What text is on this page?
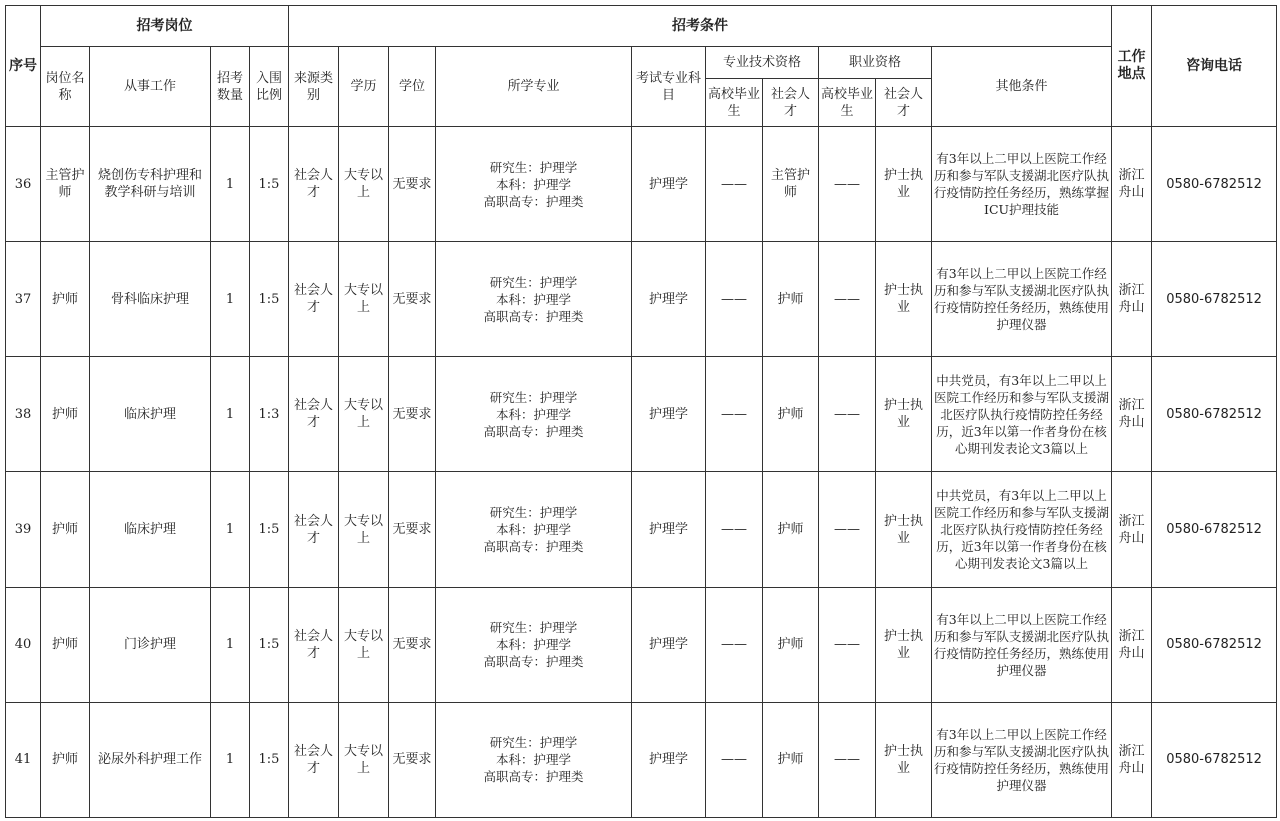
序号	招考岗位				招考条件										工作地点	咨询电话
	岗位名称	从事工作	招考数量	入围比例	来源类别	学历	学位	所学专业	考试专业科　　目	专业技术资格		职业资格		其他条件		
										高校毕业生	社会人才	高校毕业生	社会人才			
36	主管护师	烧创伤专科护理和教学科研与培训	1	1:5	社会人才	大专以上	无要求	研究生：护理学
本科：护理学
高职高专：护理类	护理学	——	主管护师	——	护士执业	有3年以上二甲以上医院工作经历和参与军队支援湖北医疗队执行疫情防控任务经历，熟练掌握ICU护理技能	浙江舟山	0580-6782512
37	护师	骨科临床护理	1	1:5	社会人才	大专以上	无要求	研究生：护理学
本科：护理学
高职高专：护理类	护理学	——	护师	——	护士执业	有3年以上二甲以上医院工作经历和参与军队支援湖北医疗队执行疫情防控任务经历，熟练使用护理仪器	浙江舟山	0580-6782512
38	护师	临床护理	1	1:3	社会人才	大专以上	无要求	研究生：护理学
本科：护理学
高职高专：护理类	护理学	——	护师	——	护士执业	中共党员，有3年以上二甲以上医院工作经历和参与军队支援湖北医疗队执行疫情防控任务经历，近3年以第一作者身份在核心期刊发表论文3篇以上	浙江舟山	0580-6782512
39	护师	临床护理	1	1:5	社会人才	大专以上	无要求	研究生：护理学
本科：护理学
高职高专：护理类	护理学	——	护师	——	护士执业	中共党员，有3年以上二甲以上医院工作经历和参与军队支援湖北医疗队执行疫情防控任务经历，近3年以第一作者身份在核心期刊发表论文3篇以上	浙江舟山	0580-6782512
40	护师	门诊护理	1	1:5	社会人才	大专以上	无要求	研究生：护理学
本科：护理学
高职高专：护理类	护理学	——	护师	——	护士执业	有3年以上二甲以上医院工作经历和参与军队支援湖北医疗队执行疫情防控任务经历，熟练使用护理仪器	浙江舟山	0580-6782512
41	护师	泌尿外科护理工作	1	1:5	社会人才	大专以上	无要求	研究生：护理学
本科：护理学
高职高专：护理类	护理学	——	护师	——	护士执业	有3年以上二甲以上医院工作经历和参与军队支援湖北医疗队执行疫情防控任务经历，熟练使用护理仪器	浙江舟山	0580-6782512
